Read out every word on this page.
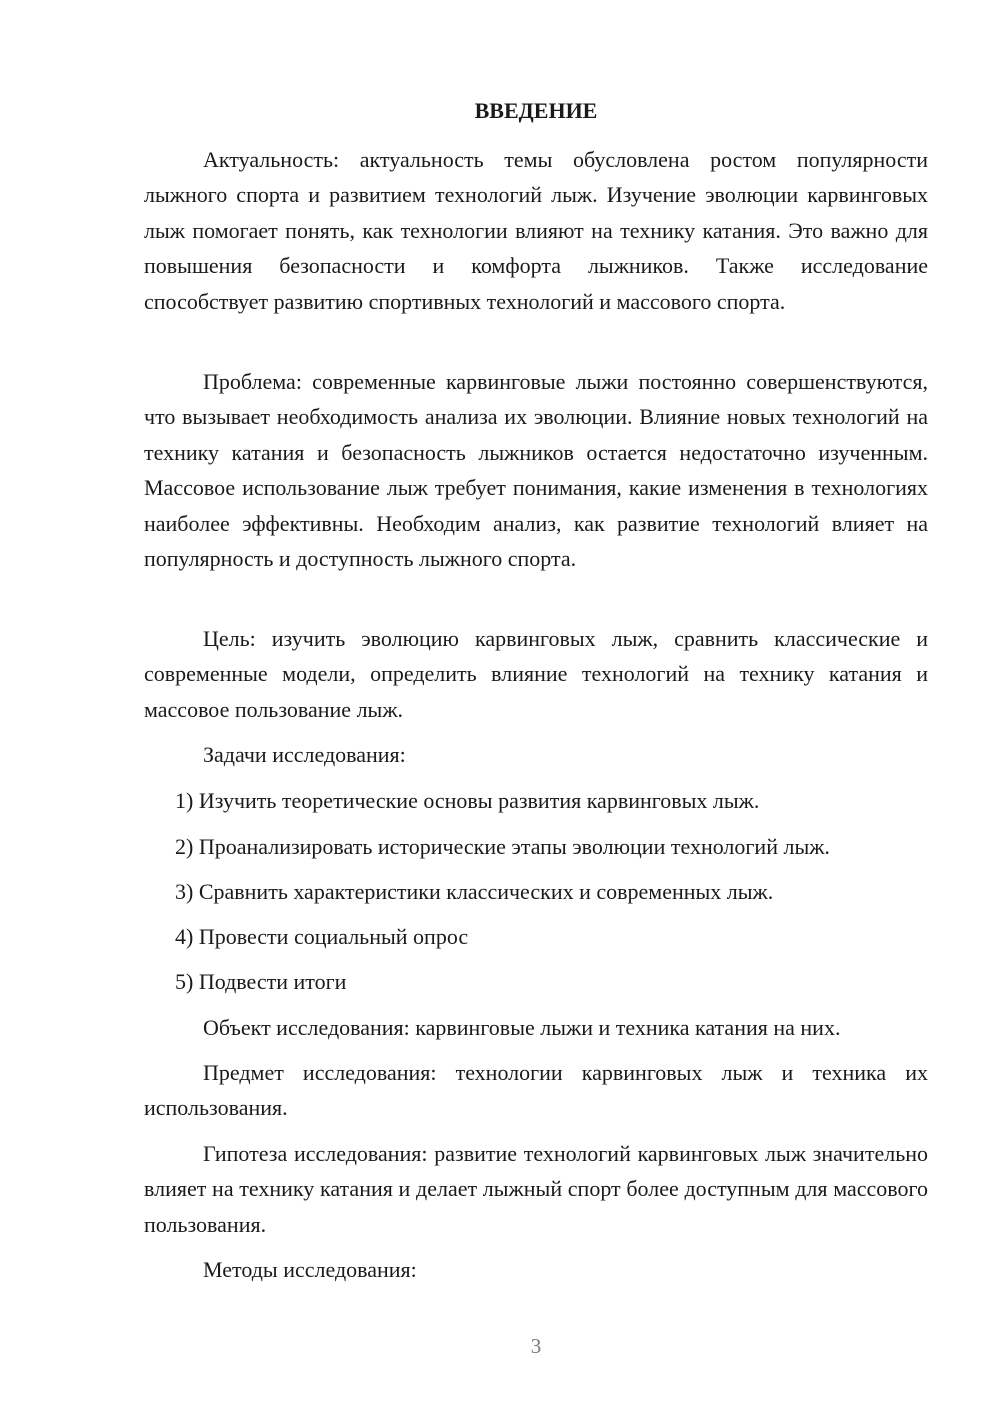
ВВЕДЕНИЕ

Актуальность: актуальность темы обусловлена ростом популярности лыжного спорта и развитием технологий лыж. Изучение эволюции карвинговых лыж помогает понять, как технологии влияют на технику катания. Это важно для повышения безопасности и комфорта лыжников. Также исследование способствует развитию спортивных технологий и массового спорта.

Проблема: современные карвинговые лыжи постоянно совершенствуются, что вызывает необходимость анализа их эволюции. Влияние новых технологий на технику катания и безопасность лыжников остается недостаточно изученным. Массовое использование лыж требует понимания, какие изменения в технологиях наиболее эффективны. Необходим анализ, как развитие технологий влияет на популярность и доступность лыжного спорта.

Цель: изучить эволюцию карвинговых лыж, сравнить классические и современные модели, определить влияние технологий на технику катания и массовое пользование лыж.

Задачи исследования:

1) Изучить теоретические основы развития карвинговых лыж.

2) Проанализировать исторические этапы эволюции технологий лыж.

3) Сравнить характеристики классических и современных лыж.

4) Провести социальный опрос

5) Подвести итоги

Объект исследования: карвинговые лыжи и техника катания на них.

Предмет исследования: технологии карвинговых лыж и техника их использования.

Гипотеза исследования: развитие технологий карвинговых лыж значительно влияет на технику катания и делает лыжный спорт более доступным для массового пользования.

Методы исследования:

3
